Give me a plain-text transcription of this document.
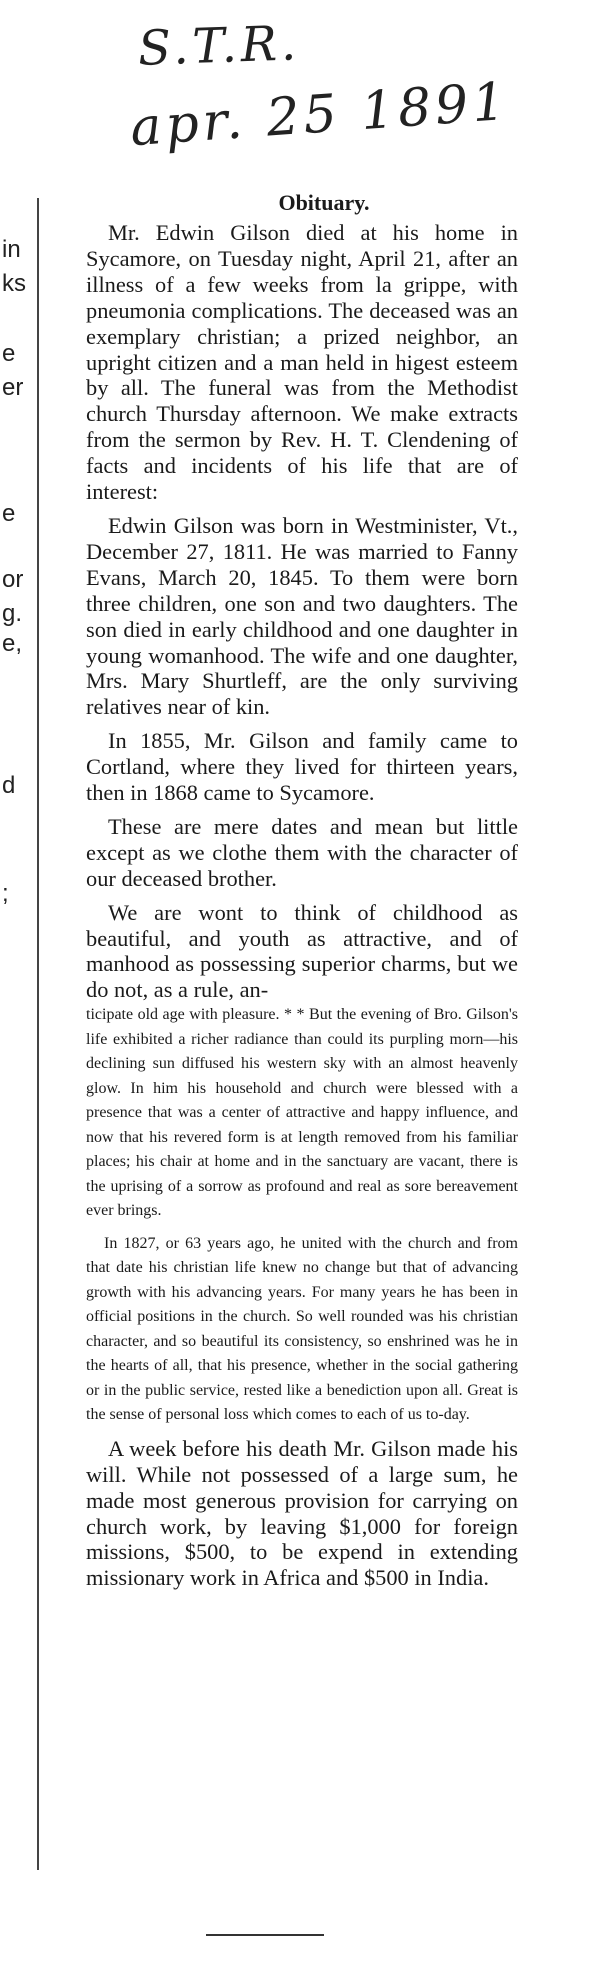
S.T.R.
apr. 25 1891
in
ks
e
er
e
or
g.
e,
d
;
Obituary.

Mr. Edwin Gilson died at his home in Sycamore, on Tuesday night, April 21, after an illness of a few weeks from la grippe, with pneumonia complications. The deceased was an exemplary christian; a prized neighbor, an upright citizen and a man held in higest esteem by all. The funeral was from the Methodist church Thursday afternoon. We make extracts from the sermon by Rev. H. T. Clendening of facts and incidents of his life that are of interest:

Edwin Gilson was born in Westminister, Vt., December 27, 1811. He was married to Fanny Evans, March 20, 1845. To them were born three children, one son and two daughters. The son died in early childhood and one daughter in young womanhood. The wife and one daughter, Mrs. Mary Shurtleff, are the only surviving relatives near of kin.

In 1855, Mr. Gilson and family came to Cortland, where they lived for thirteen years, then in 1868 came to Sycamore.

These are mere dates and mean but little except as we clothe them with the character of our deceased brother.

We are wont to think of childhood as beautiful, and youth as attractive, and of manhood as possessing superior charms, but we do not, as a rule, an-

ticipate old age with pleasure. * * But the evening of Bro. Gilson's life exhibited a richer radiance than could its purpling morn—his declining sun diffused his western sky with an almost heavenly glow. In him his household and church were blessed with a presence that was a center of attractive and happy influence, and now that his revered form is at length removed from his familiar places; his chair at home and in the sanctuary are vacant, there is the uprising of a sorrow as profound and real as sore bereavement ever brings.

In 1827, or 63 years ago, he united with the church and from that date his christian life knew no change but that of advancing growth with his advancing years. For many years he has been in official positions in the church. So well rounded was his christian character, and so beautiful its consistency, so enshrined was he in the hearts of all, that his presence, whether in the social gathering or in the public service, rested like a benediction upon all. Great is the sense of personal loss which comes to each of us to-day.

A week before his death Mr. Gilson made his will. While not possessed of a large sum, he made most generous provision for carrying on church work, by leaving $1,000 for foreign missions, $500, to be expend in extending missionary work in Africa and $500 in India.
